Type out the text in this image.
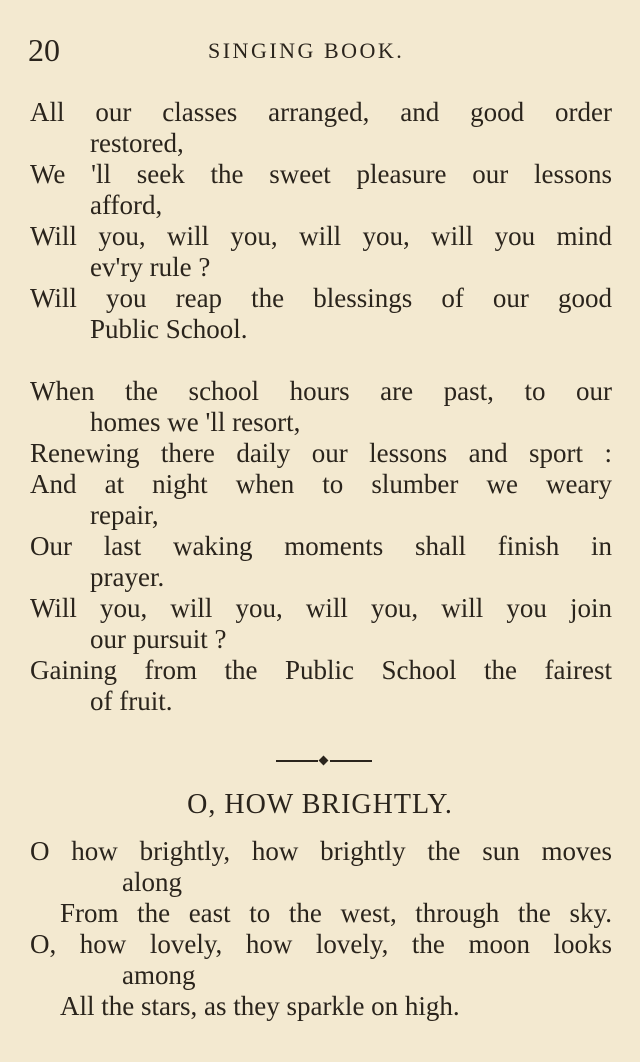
20	SINGING BOOK.
All our classes arranged, and good order
restored,
We 'll seek the sweet pleasure our lessons
afford,
Will you, will you, will you, will you mind
ev'ry rule ?
Will you reap the blessings of our good
Public School.
When the school hours are past, to our
homes we 'll resort,
Renewing there daily our lessons and sport :
And at night when to slumber we weary
repair,
Our last waking moments shall finish in
prayer.
Will you, will you, will you, will you join
our pursuit ?
Gaining from the Public School the fairest
of fruit.
O, HOW BRIGHTLY.
O how brightly, how brightly the sun moves
along
From the east to the west, through the sky.
O, how lovely, how lovely, the moon looks
among
All the stars, as they sparkle on high.
